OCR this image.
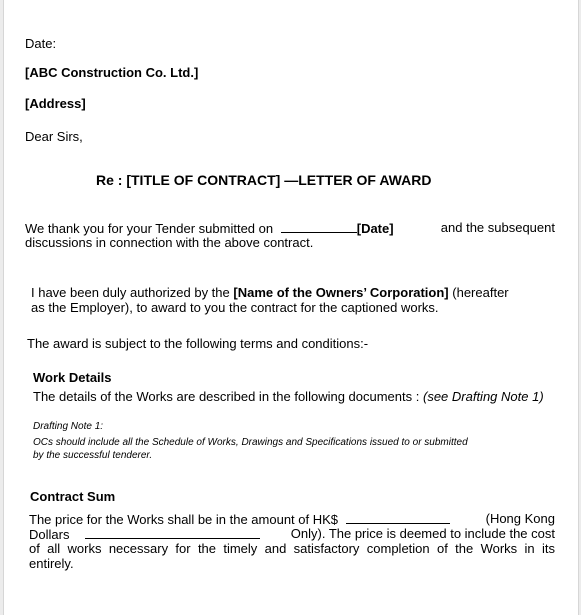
Date:
[ABC Construction Co. Ltd.]
[Address]
Dear Sirs,
Re : [TITLE OF CONTRACT] —LETTER OF AWARD
We thank you for your Tender submitted on	[Date]	and the subsequent
discussions in connection with the above contract.
I have been duly authorized by the [Name of the Owners’ Corporation] (hereafter
as the Employer), to award to you the contract for the captioned works.
The award is subject to the following terms and conditions:-
Work Details
The details of the Works are described in the following documents : (see Drafting Note 1)
Drafting Note 1:
OCs should include all the Schedule of Works, Drawings and Specifications issued to or submitted
by the successful tenderer.
Contract Sum
The price for the Works shall be in the amount of HK$	(Hong Kong
Dollars	Only). The price is deemed to include the cost
of all works necessary for the timely and satisfactory completion of the Works in its
entirely.
